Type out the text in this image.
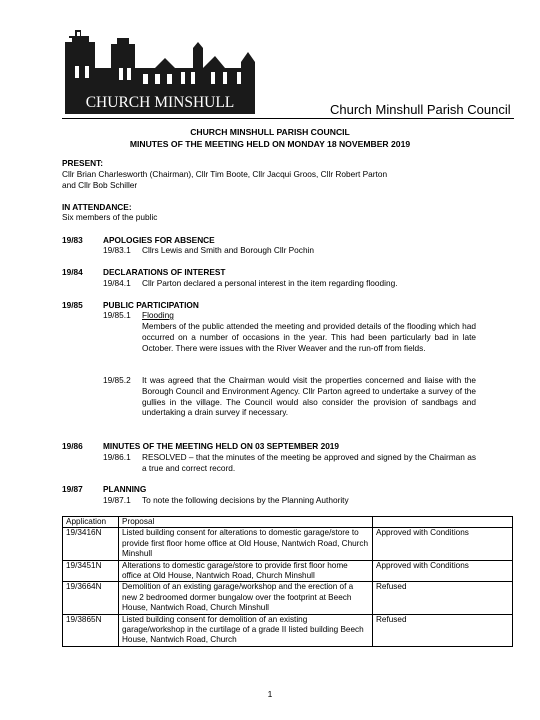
CHURCH MINSHULL	Church Minshull Parish Council
CHURCH MINSHULL PARISH COUNCIL
MINUTES OF THE MEETING HELD ON MONDAY 18 NOVEMBER 2019
PRESENT:
Cllr Brian Charlesworth (Chairman), Cllr Tim Boote, Cllr Jacqui Groos, Cllr Robert Parton
and Cllr Bob Schiller
IN ATTENDANCE:
Six members of the public
19/83 APOLOGIES FOR ABSENCE
19/83.1 Cllrs Lewis and Smith and Borough Cllr Pochin
19/84 DECLARATIONS OF INTEREST
19/84.1 Cllr Parton declared a personal interest in the item regarding flooding.
19/85 PUBLIC PARTICIPATION
19/85.1 Flooding
Members of the public attended the meeting and provided details of the flooding which had occurred on a number of occasions in the year. This had been particularly bad in late October. There were issues with the River Weaver and the run-off from fields.
19/85.2 It was agreed that the Chairman would visit the properties concerned and liaise with the Borough Council and Environment Agency. Cllr Parton agreed to undertake a survey of the gullies in the village. The Council would also consider the provision of sandbags and undertaking a drain survey if necessary.
19/86 MINUTES OF THE MEETING HELD ON 03 SEPTEMBER 2019
19/86.1 RESOLVED – that the minutes of the meeting be approved and signed by the Chairman as a true and correct record.
19/87 PLANNING
19/87.1 To note the following decisions by the Planning Authority
Application	Proposal	
19/3416N	Listed building consent for alterations to domestic garage/store to provide first floor home office at Old House, Nantwich Road, Church Minshull	Approved with Conditions
19/3451N	Alterations to domestic garage/store to provide first floor home office at Old House, Nantwich Road, Church Minshull	Approved with Conditions
19/3664N	Demolition of an existing garage/workshop and the erection of a new 2 bedroomed dormer bungalow over the footprint at Beech House, Nantwich Road, Church Minshull	Refused
19/3865N	Listed building consent for demolition of an existing garage/workshop in the curtilage of a grade II listed building Beech House, Nantwich Road, Church	Refused
1
